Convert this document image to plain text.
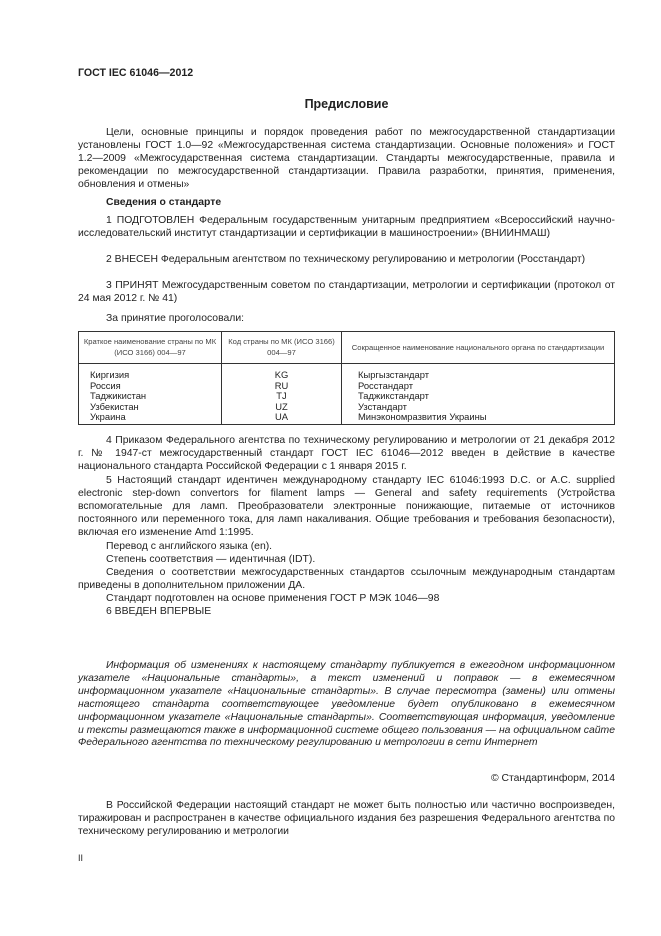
ГОСТ IEC 61046—2012
Предисловие
Цели, основные принципы и порядок проведения работ по межгосударственной стандартизации установлены ГОСТ 1.0—92 «Межгосударственная система стандартизации. Основные положения» и ГОСТ 1.2—2009 «Межгосударственная система стандартизации. Стандарты межгосударственные, правила и рекомендации по межгосударственной стандартизации. Правила разработки, принятия, применения, обновления и отмены»
Сведения о стандарте
1 ПОДГОТОВЛЕН Федеральным государственным унитарным предприятием «Всероссийский научно-исследовательский институт стандартизации и сертификации в машиностроении» (ВНИИНМАШ)
2 ВНЕСЕН Федеральным агентством по техническому регулированию и метрологии (Росстандарт)
3 ПРИНЯТ Межгосударственным советом по стандартизации, метрологии и сертификации (протокол от 24 мая 2012 г. № 41)
За принятие проголосовали:
Краткое наименование страны по МК (ИСО 3166) 004—97	Код страны по МК (ИСО 3166) 004—97	Сокращенное наименование национального органа по стандартизации
Киргизия	KG	Кыргызстандарт
Россия	RU	Росстандарт
Таджикистан	TJ	Таджикстандарт
Узбекистан	UZ	Узстандарт
Украина	UA	Минэкономразвития Украины
4 Приказом Федерального агентства по техническому регулированию и метрологии от 21 декабря 2012 г. № 1947-ст межгосударственный стандарт ГОСТ IEC 61046—2012 введен в действие в качестве национального стандарта Российской Федерации с 1 января 2015 г.
5 Настоящий стандарт идентичен международному стандарту IEC 61046:1993 D.C. or A.C. supplied electronic step-down convertors for filament lamps — General and safety requirements (Устройства вспомогательные для ламп. Преобразователи электронные понижающие, питаемые от источников постоянного или переменного тока, для ламп накаливания. Общие требования и требования безопасности), включая его изменение Amd 1:1995.
Перевод с английского языка (en).
Степень соответствия — идентичная (IDT).
Сведения о соответствии межгосударственных стандартов ссылочным международным стандартам приведены в дополнительном приложении ДА.
Стандарт подготовлен на основе применения ГОСТ Р МЭК 1046—98
6 ВВЕДЕН ВПЕРВЫЕ
Информация об изменениях к настоящему стандарту публикуется в ежегодном информационном указателе «Национальные стандарты», а текст изменений и поправок — в ежемесячном информационном указателе «Национальные стандарты». В случае пересмотра (замены) или отмены настоящего стандарта соответствующее уведомление будет опубликовано в ежемесячном информационном указателе «Национальные стандарты». Соответствующая информация, уведомление и тексты размещаются также в информационной системе общего пользования — на официальном сайте Федерального агентства по техническому регулированию и метрологии в сети Интернет
© Стандартинформ, 2014
В Российской Федерации настоящий стандарт не может быть полностью или частично воспроизведен, тиражирован и распространен в качестве официального издания без разрешения Федерального агентства по техническому регулированию и метрологии
II
